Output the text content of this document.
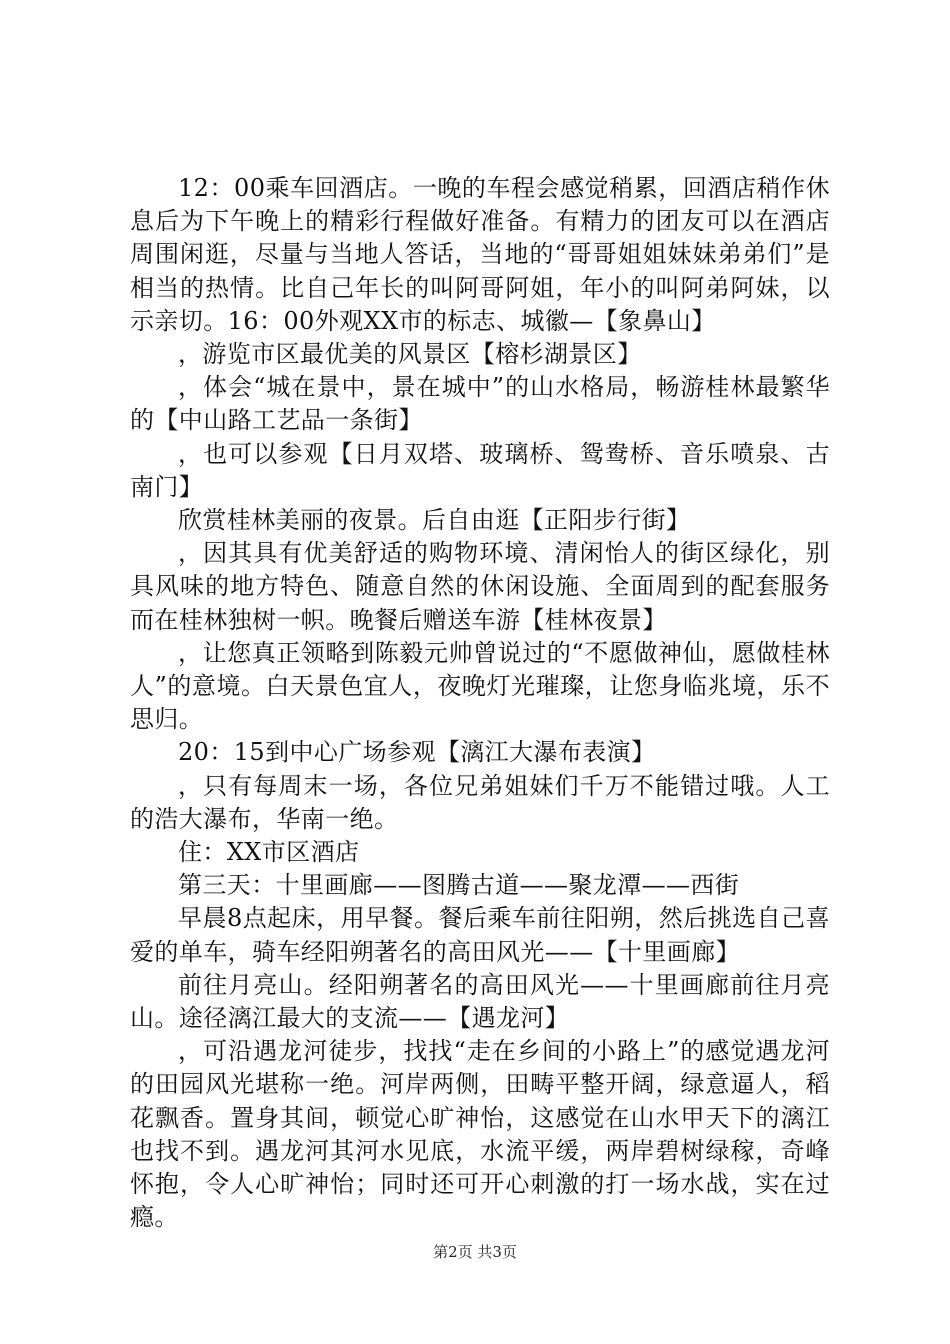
12：00乘车回酒店。一晚的车程会感觉稍累，回酒店稍作休息后为下午晚上的精彩行程做好准备。有精力的团友可以在酒店周围闲逛，尽量与当地人答话，当地的“哥哥姐姐妹妹弟弟们”是相当的热情。比自己年长的叫阿哥阿姐，年小的叫阿弟阿妹，以示亲切。16：00外观XX市的标志、城徽—【象鼻山】

，游览市区最优美的风景区【榕杉湖景区】

，体会“城在景中，景在城中”的山水格局，畅游桂林最繁华的【中山路工艺品一条街】

，也可以参观【日月双塔、玻璃桥、鸳鸯桥、音乐喷泉、古南门】

欣赏桂林美丽的夜景。后自由逛【正阳步行街】

，因其具有优美舒适的购物环境、清闲怡人的街区绿化，别具风味的地方特色、随意自然的休闲设施、全面周到的配套服务而在桂林独树一帜。晚餐后赠送车游【桂林夜景】

，让您真正领略到陈毅元帅曾说过的“不愿做神仙，愿做桂林人”的意境。白天景色宜人，夜晚灯光璀璨，让您身临兆境，乐不思归。

20：15到中心广场参观【漓江大瀑布表演】

，只有每周末一场，各位兄弟姐妹们千万不能错过哦。人工的浩大瀑布，华南一绝。

住：XX市区酒店

第三天：十里画廊——图腾古道——聚龙潭——西街

早晨8点起床，用早餐。餐后乘车前往阳朔，然后挑选自己喜爱的单车，骑车经阳朔著名的高田风光——【十里画廊】

前往月亮山。经阳朔著名的高田风光——十里画廊前往月亮山。途径漓江最大的支流——【遇龙河】

，可沿遇龙河徒步，找找“走在乡间的小路上”的感觉遇龙河的田园风光堪称一绝。河岸两侧，田畴平整开阔，绿意逼人，稻花飘香。置身其间，顿觉心旷神怡，这感觉在山水甲天下的漓江也找不到。遇龙河其河水见底，水流平缓，两岸碧树绿稼，奇峰怀抱，令人心旷神怡；同时还可开心刺激的打一场水战，实在过瘾。

第2页 共3页
